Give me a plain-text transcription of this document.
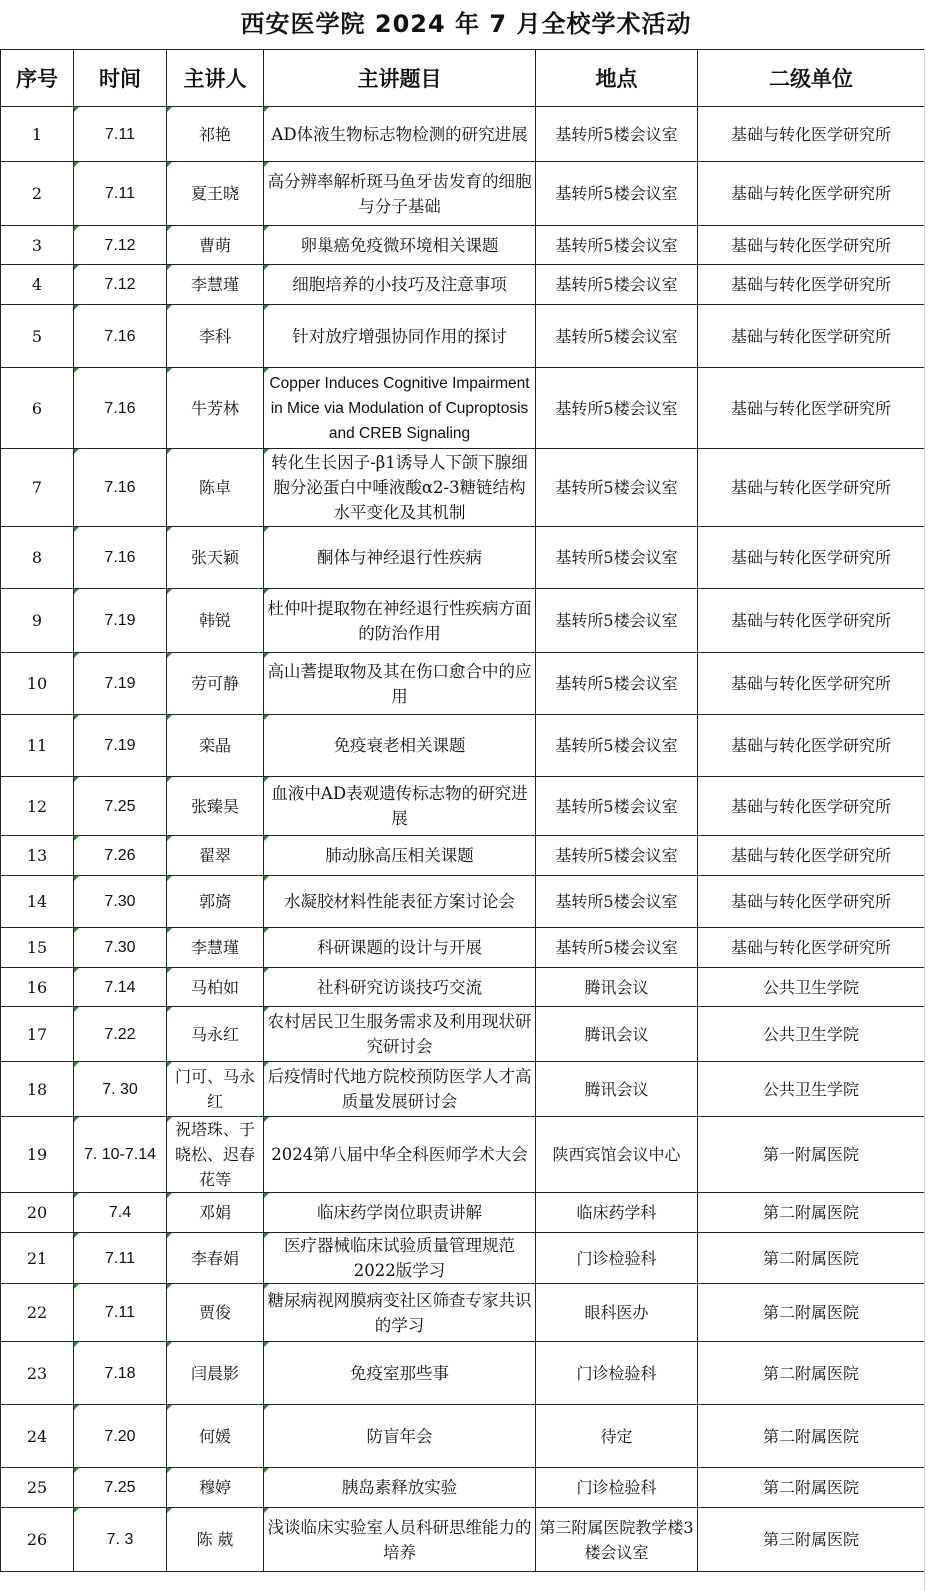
西安医学院 2024 年 7 月全校学术活动
序号	时间	主讲人	主讲题目	地点	二级单位
1	7.11	祁艳	AD体液生物标志物检测的研究进展	基转所5楼会议室	基础与转化医学研究所
2	7.11	夏王晓	高分辨率解析斑马鱼牙齿发育的细胞与分子基础	基转所5楼会议室	基础与转化医学研究所
3	7.12	曹萌	卵巢癌免疫微环境相关课题	基转所5楼会议室	基础与转化医学研究所
4	7.12	李慧瑾	细胞培养的小技巧及注意事项	基转所5楼会议室	基础与转化医学研究所
5	7.16	李科	针对放疗增强协同作用的探讨	基转所5楼会议室	基础与转化医学研究所
6	7.16	牛芳林	Copper Induces Cognitive Impairment in Mice via Modulation of Cuproptosis and CREB Signaling	基转所5楼会议室	基础与转化医学研究所
7	7.16	陈卓	转化生长因子-β1诱导人下颌下腺细胞分泌蛋白中唾液酸α2-3糖链结构水平变化及其机制	基转所5楼会议室	基础与转化医学研究所
8	7.16	张天颖	酮体与神经退行性疾病	基转所5楼会议室	基础与转化医学研究所
9	7.19	韩锐	杜仲叶提取物在神经退行性疾病方面的防治作用	基转所5楼会议室	基础与转化医学研究所
10	7.19	劳可静	高山蓍提取物及其在伤口愈合中的应用	基转所5楼会议室	基础与转化医学研究所
11	7.19	栾晶	免疫衰老相关课题	基转所5楼会议室	基础与转化医学研究所
12	7.25	张臻昊	血液中AD表观遗传标志物的研究进展	基转所5楼会议室	基础与转化医学研究所
13	7.26	翟翠	肺动脉高压相关课题	基转所5楼会议室	基础与转化医学研究所
14	7.30	郭旖	水凝胶材料性能表征方案讨论会	基转所5楼会议室	基础与转化医学研究所
15	7.30	李慧瑾	科研课题的设计与开展	基转所5楼会议室	基础与转化医学研究所
16	7.14	马柏如	社科研究访谈技巧交流	腾讯会议	公共卫生学院
17	7.22	马永红	农村居民卫生服务需求及利用现状研究研讨会	腾讯会议	公共卫生学院
18	7. 30	门可、马永红	后疫情时代地方院校预防医学人才高质量发展研讨会	腾讯会议	公共卫生学院
19	7. 10-7.14	祝塔珠、于晓松、迟春花等	2024第八届中华全科医师学术大会	陕西宾馆会议中心	第一附属医院
20	7.4	邓娟	临床药学岗位职责讲解	临床药学科	第二附属医院
21	7.11	李春娟	医疗器械临床试验质量管理规范2022版学习	门诊检验科	第二附属医院
22	7.11	贾俊	糖尿病视网膜病变社区筛查专家共识的学习	眼科医办	第二附属医院
23	7.18	闫晨影	免疫室那些事	门诊检验科	第二附属医院
24	7.20	何媛	防盲年会	待定	第二附属医院
25	7.25	穆婷	胰岛素释放实验	门诊检验科	第二附属医院
26	7. 3	陈 葳	浅谈临床实验室人员科研思维能力的培养	第三附属医院教学楼3楼会议室	第三附属医院
